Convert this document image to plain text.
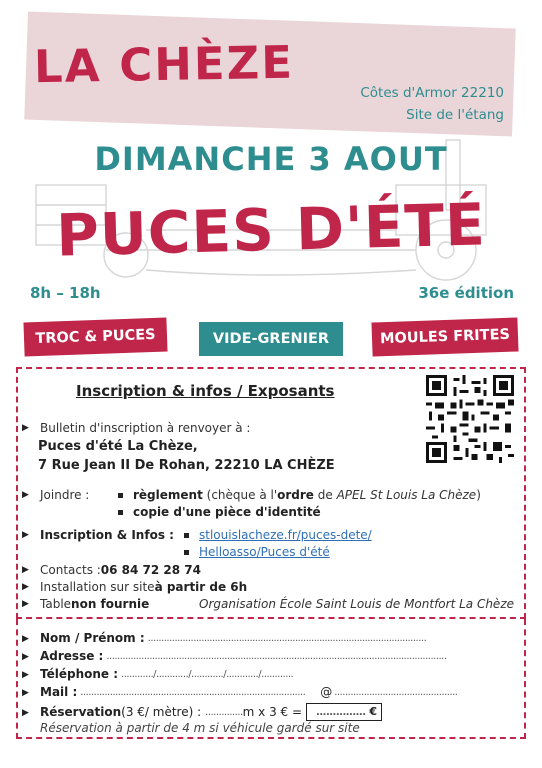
LA CHÈZE	Côtes d'Armor 22210
Site de l'étang
DIMANCHE 3 AOUT
PUCES D'ÉTÉ
8h – 18h	36e édition
TROC & PUCES	VIDE-GRENIER	MOULES FRITES
Inscription & infos / Exposants
▶ Bulletin d'inscription à renvoyer à :
Puces d'été La Chèze,
7 Rue Jean II De Rohan, 22210 LA CHÈZE
▶ Joindre :	règlement (chèque à l'ordre de APEL St Louis La Chèze)
copie d'une pièce d'identité
▶ Inscription & Infos :	stlouislacheze.fr/puces-dete/
Helloasso/Puces d'été
▶ Contacts : 06 84 72 28 74
▶ Installation sur site à partir de 6h
▶ Table non fournie	Organisation École Saint Louis de Montfort La Chèze
▶ Nom / Prénom : ........................................................................................................
▶ Adresse : ...............................................................................................................................
▶ Téléphone : ............/............/............/............/............
▶ Mail : ....................................................................................	@ ..............................................
▶ Réservation (3 €/ mètre) : .............. m x 3 € =	............... €
Réservation à partir de 4 m si véhicule gardé sur site
